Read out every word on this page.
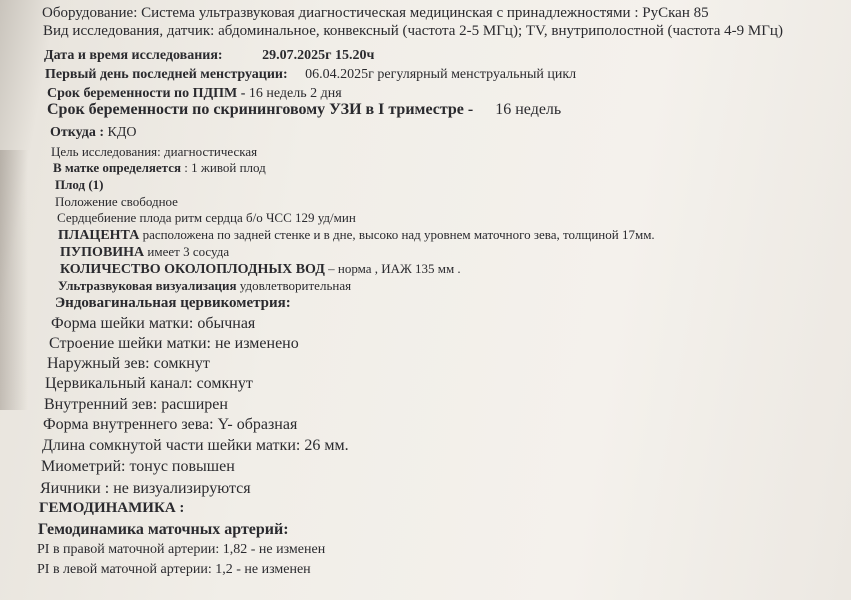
Оборудование: Система ультразвуковая диагностическая медицинская с принадлежностями : РуСкан 85
Вид исследования, датчик: абдоминальное, конвексный (частота 2-5 МГц); TV, внутриполостной (частота 4-9 МГц)
Дата и время исследования:	29.07.2025г 15.20ч
Первый день последней менструации: 06.04.2025г регулярный менструальный цикл
Срок беременности по ПДПМ - 16 недель 2 дня
Срок беременности по скрининговому УЗИ в I триместре - 16 недель
Откуда : КДО
Цель исследования: диагностическая
В матке определяется : 1 живой плод
Плод (1)
Положение свободное
Сердцебиение плода ритм сердца б/о ЧСС 129 уд/мин
ПЛАЦЕНТА расположена по задней стенке и в дне, высоко над уровнем маточного зева, толщиной 17мм.
ПУПОВИНА имеет 3 сосуда
КОЛИЧЕСТВО ОКОЛОПЛОДНЫХ ВОД – норма , ИАЖ 135 мм .
Ультразвуковая визуализация удовлетворительная
Эндовагинальная цервикометрия:
Форма шейки матки: обычная
Строение шейки матки: не изменено
Наружный зев: сомкнут
Цервикальный канал: сомкнут
Внутренний зев: расширен
Форма внутреннего зева: Y- образная
Длина сомкнутой части шейки матки: 26 мм.
Миометрий: тонус повышен
Яичники : не визуализируются
ГЕМОДИНАМИКА :
Гемодинамика маточных артерий:
PI в правой маточной артерии: 1,82 - не изменен
PI в левой маточной артерии: 1,2 - не изменен
